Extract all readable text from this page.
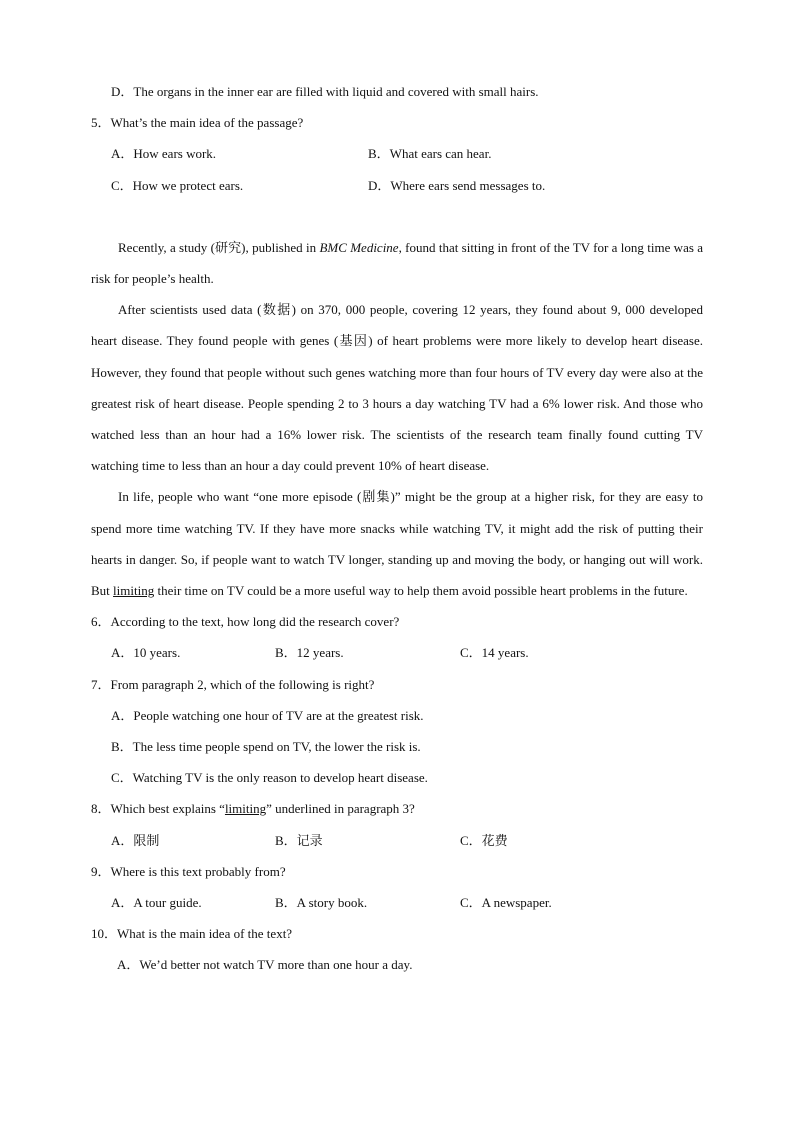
D．The organs in the inner ear are filled with liquid and covered with small hairs.
5．What’s the main idea of the passage?
A．How ears work.	B．What ears can hear.
C．How we protect ears.	D．Where ears send messages to.

Recently, a study (研究), published in BMC Medicine, found that sitting in front of the TV for a long time was a risk for people’s health.

After scientists used data (数据) on 370, 000 people, covering 12 years, they found about 9, 000 developed heart disease. They found people with genes (基因) of heart problems were more likely to develop heart disease. However, they found that people without such genes watching more than four hours of TV every day were also at the greatest risk of heart disease. People spending 2 to 3 hours a day watching TV had a 6% lower risk. And those who watched less than an hour had a 16% lower risk. The scientists of the research team finally found cutting TV watching time to less than an hour a day could prevent 10% of heart disease.

In life, people who want “one more episode (剧集)” might be the group at a higher risk, for they are easy to spend more time watching TV. If they have more snacks while watching TV, it might add the risk of putting their hearts in danger. So, if people want to watch TV longer, standing up and moving the body, or hanging out will work. But limiting their time on TV could be a more useful way to help them avoid possible heart problems in the future.

6．According to the text, how long did the research cover?
A．10 years.	B．12 years.	C．14 years.
7．From paragraph 2, which of the following is right?
A．People watching one hour of TV are at the greatest risk.
B．The less time people spend on TV, the lower the risk is.
C．Watching TV is the only reason to develop heart disease.
8．Which best explains “limiting” underlined in paragraph 3?
A．限制	B．记录	C．花费
9．Where is this text probably from?
A．A tour guide.	B．A story book.	C．A newspaper.
10．What is the main idea of the text?
A．We’d better not watch TV more than one hour a day.
